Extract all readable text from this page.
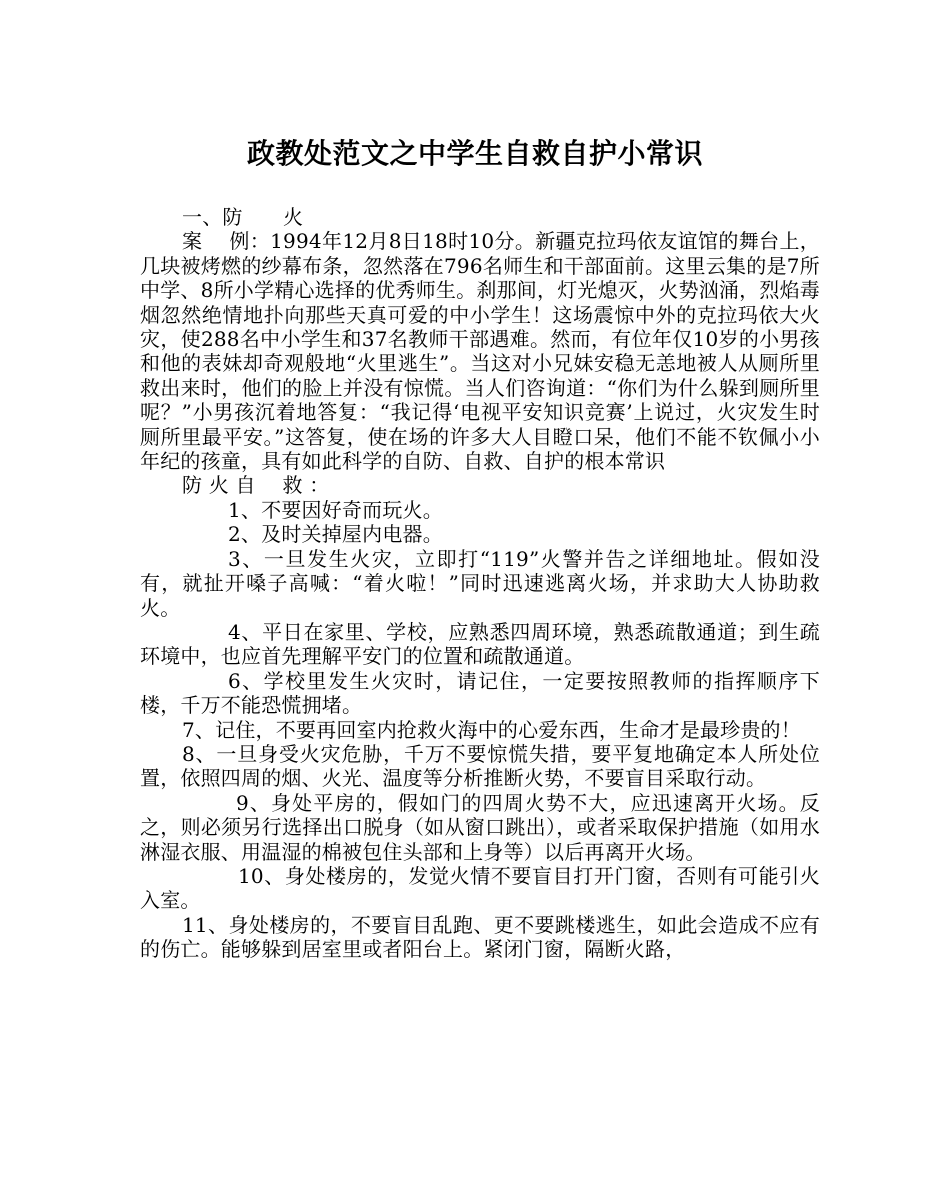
政教处范文之中学生自救自护小常识

一、防　　火

案　 例：1994年12月8日18时10分。新疆克拉玛依友谊馆的舞台上，几块被烤燃的纱幕布条，忽然落在796名师生和干部面前。这里云集的是7所中学、8所小学精心选择的优秀师生。刹那间，灯光熄灭，火势汹涌，烈焰毒烟忽然绝情地扑向那些天真可爱的中小学生！这场震惊中外的克拉玛依大火灾，使288名中小学生和37名教师干部遇难。然而，有位年仅10岁的小男孩和他的表妹却奇观般地“火里逃生”。当这对小兄妹安稳无恙地被人从厕所里救出来时，他们的脸上并没有惊慌。当人们咨询道：“你们为什么躲到厕所里呢？”小男孩沉着地答复：“我记得‘电视平安知识竞赛’上说过，火灾发生时厕所里最平安。”这答复，使在场的许多大人目瞪口呆，他们不能不钦佩小小年纪的孩童，具有如此科学的自防、自救、自护的根本常识

防 火 自　 救 ：

1、不要因好奇而玩火。

2、及时关掉屋内电器。

3、一旦发生火灾，立即打“119”火警并告之详细地址。假如没有，就扯开嗓子高喊：“着火啦！”同时迅速逃离火场，并求助大人协助救火。

4、平日在家里、学校，应熟悉四周环境，熟悉疏散通道；到生疏环境中，也应首先理解平安门的位置和疏散通道。

6、学校里发生火灾时，请记住，一定要按照教师的指挥顺序下楼，千万不能恐慌拥堵。

7、记住，不要再回室内抢救火海中的心爱东西，生命才是最珍贵的！

8、一旦身受火灾危胁，千万不要惊慌失措，要平复地确定本人所处位置，依照四周的烟、火光、温度等分析推断火势，不要盲目采取行动。

9、身处平房的，假如门的四周火势不大，应迅速离开火场。反之，则必须另行选择出口脱身（如从窗口跳出），或者采取保护措施（如用水淋湿衣服、用温湿的棉被包住头部和上身等）以后再离开火场。

10、身处楼房的，发觉火情不要盲目打开门窗，否则有可能引火入室。

11、身处楼房的，不要盲目乱跑、更不要跳楼逃生，如此会造成不应有的伤亡。能够躲到居室里或者阳台上。紧闭门窗，隔断火路，
